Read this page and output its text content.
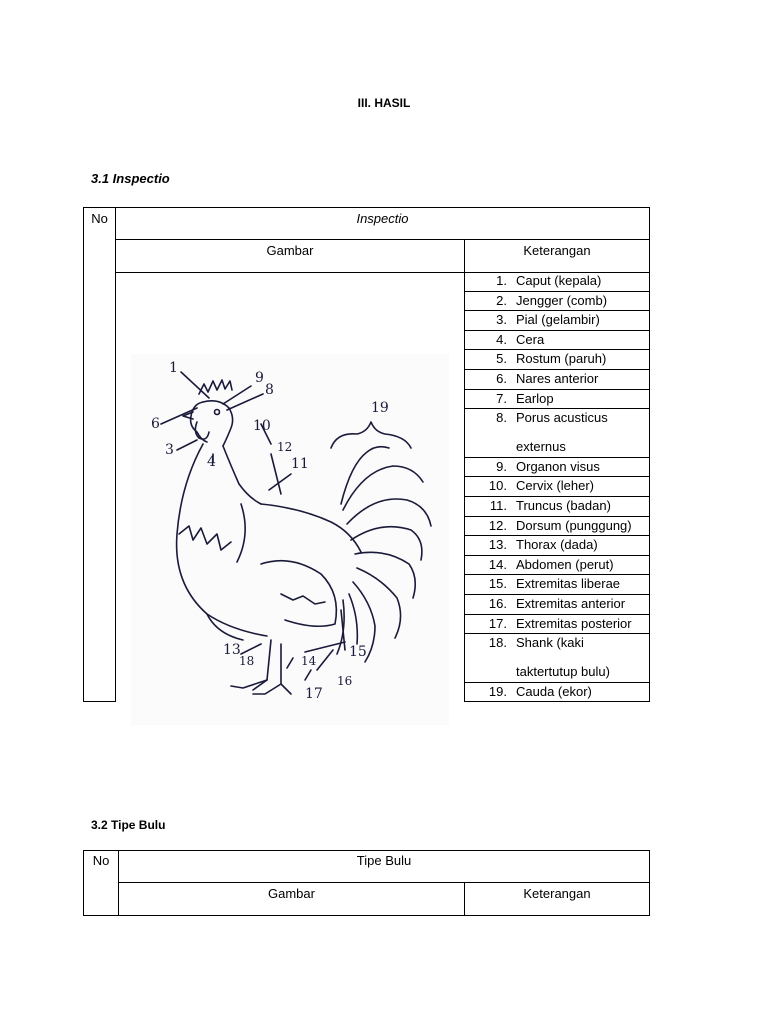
III. HASIL
3.1 Inspectio
No	Inspectio
Gambar	Keterangan
1. Caput (kepala)
2. Jengger (comb)
3. Pial (gelambir)
4. Cera
5. Rostum (paruh)
6. Nares anterior
7. Earlop
8. Porus acusticus
externus
9. Organon visus
10. Cervix (leher)
11. Truncus (badan)
12. Dorsum (punggung)
13. Thorax (dada)
14. Abdomen (perut)
15. Extremitas liberae
16. Extremitas anterior
17. Extremitas posterior
18. Shank (kaki
taktertutup bulu)
19. Cauda (ekor)
1
9
8
6
3
4
10
12
11
19
13
18	14
17
16
15
3.2 Tipe Bulu
No	Tipe Bulu
Gambar	Keterangan
